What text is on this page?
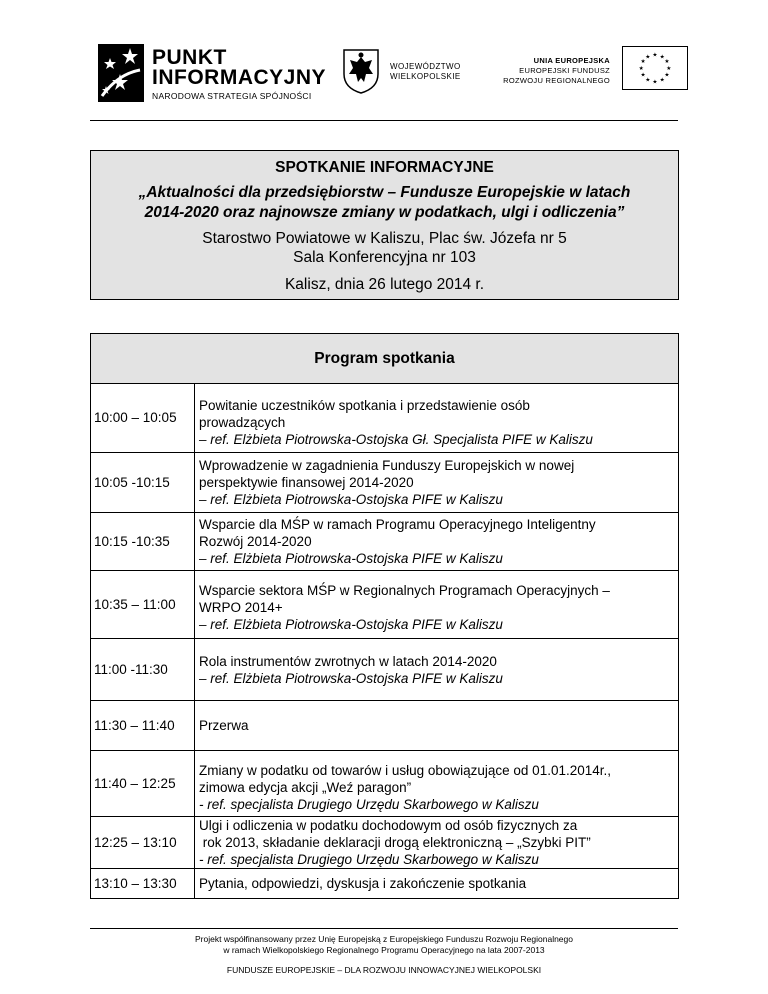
PUNKT
INFORMACYJNY
NARODOWA STRATEGIA SPÓJNOŚCI
WOJEWÓDZTWO
WIELKOPOLSKIE
UNIA EUROPEJSKA
EUROPEJSKI FUNDUSZ
ROZWOJU REGIONALNEGO
★ ★
★
★
★
★
★
★
★
★
★
★
SPOTKANIE INFORMACYJNE
„Aktualności dla przedsiębiorstw – Fundusze Europejskie w latach
2014-2020 oraz najnowsze zmiany w podatkach, ulgi i odliczenia”
Starostwo Powiatowe w Kaliszu, Plac św. Józefa nr 5
Sala Konferencyjna nr 103
Kalisz, dnia 26 lutego 2014 r.
Program spotkania
10:00 – 10:05
Powitanie uczestników spotkania i przedstawienie osób
prowadzących
– ref. Elżbieta Piotrowska-Ostojska Gł. Specjalista PIFE w Kaliszu
10:05 -10:15
Wprowadzenie w zagadnienia Funduszy Europejskich w nowej
perspektywie finansowej 2014-2020
– ref. Elżbieta Piotrowska-Ostojska PIFE w Kaliszu
10:15 -10:35
Wsparcie dla MŚP w ramach Programu Operacyjnego Inteligentny
Rozwój 2014-2020
– ref. Elżbieta Piotrowska-Ostojska PIFE w Kaliszu
10:35 – 11:00
Wsparcie sektora MŚP w Regionalnych Programach Operacyjnych –
WRPO 2014+
– ref. Elżbieta Piotrowska-Ostojska PIFE w Kaliszu
11:00 -11:30
Rola instrumentów zwrotnych w latach 2014-2020
– ref. Elżbieta Piotrowska-Ostojska PIFE w Kaliszu
11:30 – 11:40	Przerwa
11:40 – 12:25
Zmiany w podatku od towarów i usług obowiązujące od 01.01.2014r.,
zimowa edycja akcji „Weź paragon”
- ref. specjalista Drugiego Urzędu Skarbowego w Kaliszu
12:25 – 13:10
Ulgi i odliczenia w podatku dochodowym od osób fizycznych za
rok 2013, składanie deklaracji drogą elektroniczną – „Szybki PIT”
- ref. specjalista Drugiego Urzędu Skarbowego w Kaliszu
13:10 – 13:30	Pytania, odpowiedzi, dyskusja i zakończenie spotkania
Projekt współfinansowany przez Unię Europejską z Europejskiego Funduszu Rozwoju Regionalnego
w ramach Wielkopolskiego Regionalnego Programu Operacyjnego na lata 2007-2013
FUNDUSZE EUROPEJSKIE – DLA ROZWOJU INNOWACYJNEJ WIELKOPOLSKI
